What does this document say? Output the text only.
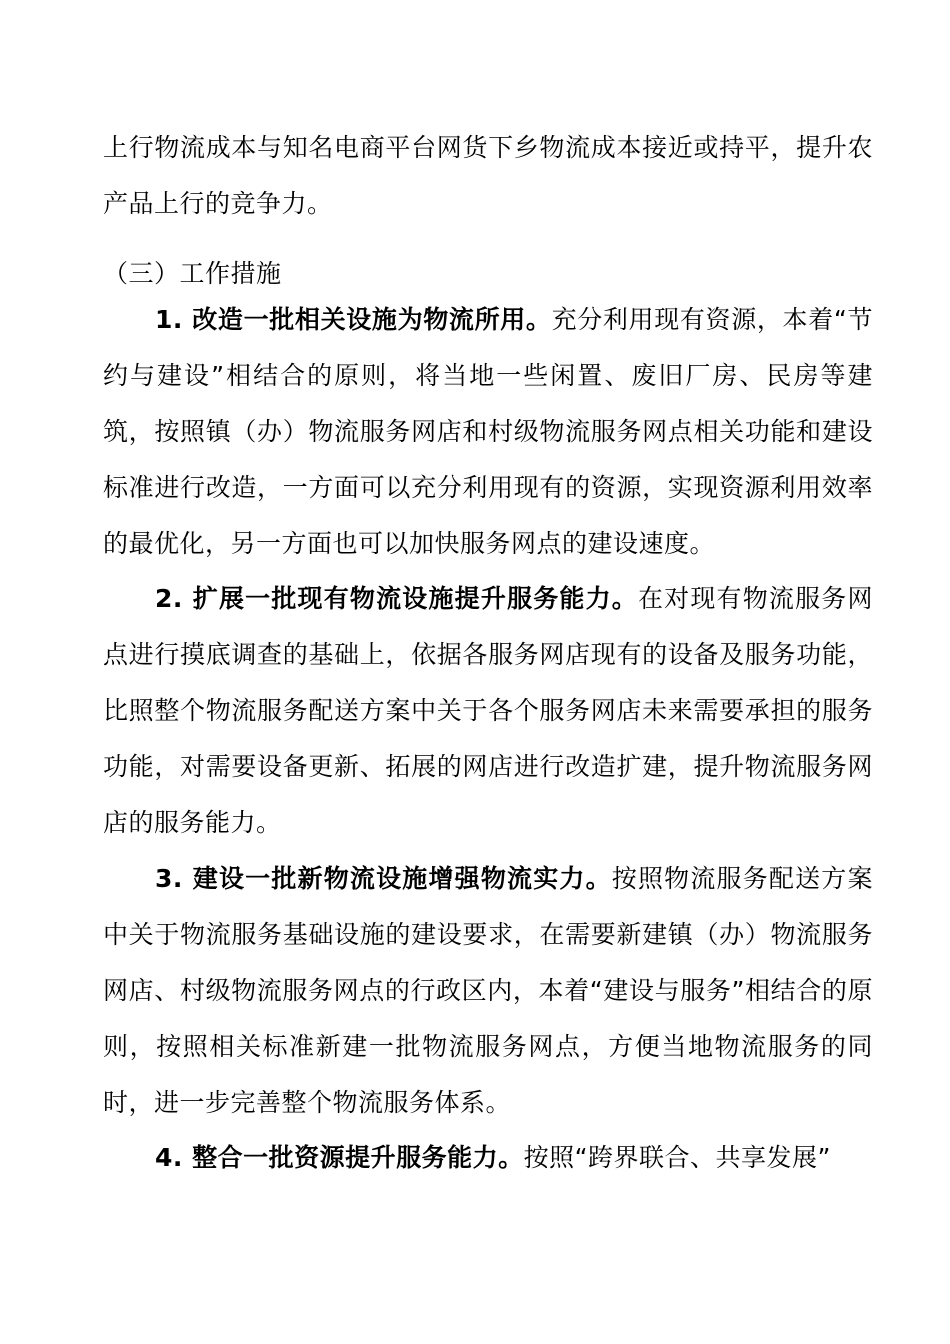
上行物流成本与知名电商平台网货下乡物流成本接近或持平，提升农产品上行的竞争力。

（三）工作措施

1. 改造一批相关设施为物流所用。充分利用现有资源，本着“节约与建设”相结合的原则，将当地一些闲置、废旧厂房、民房等建筑，按照镇（办）物流服务网店和村级物流服务网点相关功能和建设标准进行改造，一方面可以充分利用现有的资源，实现资源利用效率的最优化，另一方面也可以加快服务网点的建设速度。

2. 扩展一批现有物流设施提升服务能力。在对现有物流服务网点进行摸底调查的基础上，依据各服务网店现有的设备及服务功能，比照整个物流服务配送方案中关于各个服务网店未来需要承担的服务功能，对需要设备更新、拓展的网店进行改造扩建，提升物流服务网店的服务能力。

3. 建设一批新物流设施增强物流实力。按照物流服务配送方案中关于物流服务基础设施的建设要求，在需要新建镇（办）物流服务网店、村级物流服务网点的行政区内，本着“建设与服务”相结合的原则，按照相关标准新建一批物流服务网点，方便当地物流服务的同时，进一步完善整个物流服务体系。

4. 整合一批资源提升服务能力。按照“跨界联合、共享发展”
